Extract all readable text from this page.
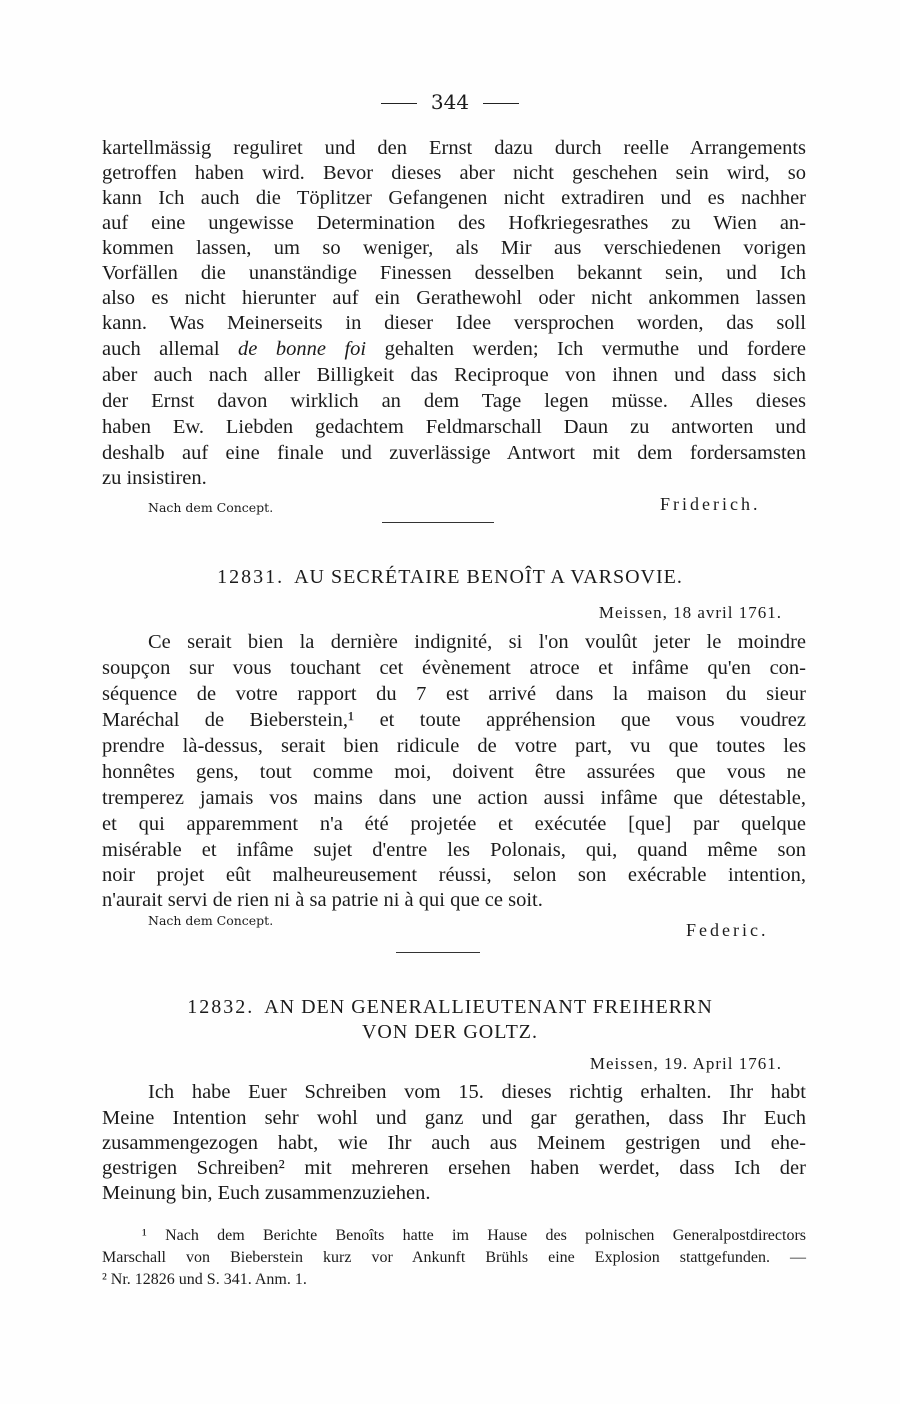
344
kartellmässig reguliret und den Ernst dazu durch reelle Arrangements
getroffen haben wird. Bevor dieses aber nicht geschehen sein wird, so
kann Ich auch die Töplitzer Gefangenen nicht extradiren und es nachher
auf eine ungewisse Determination des Hofkriegesrathes zu Wien an-
kommen lassen, um so weniger, als Mir aus verschiedenen vorigen
Vorfällen die unanständige Finessen desselben bekannt sein, und Ich
also es nicht hierunter auf ein Gerathewohl oder nicht ankommen lassen
kann. Was Meinerseits in dieser Idee versprochen worden, das soll
auch allemal de bonne foi gehalten werden; Ich vermuthe und fordere
aber auch nach aller Billigkeit das Reciproque von ihnen und dass sich
der Ernst davon wirklich an dem Tage legen müsse. Alles dieses
haben Ew. Liebden gedachtem Feldmarschall Daun zu antworten und
deshalb auf eine finale und zuverlässige Antwort mit dem fordersamsten
zu insistiren.
Nach dem Concept.	Friderich.
12831. AU SECRÉTAIRE BENOÎT A VARSOVIE.
Meissen, 18 avril 1761.
Ce serait bien la dernière indignité, si l'on voulût jeter le moindre
soupçon sur vous touchant cet évènement atroce et infâme qu'en con-
séquence de votre rapport du 7 est arrivé dans la maison du sieur
Maréchal de Bieberstein,¹ et toute appréhension que vous voudrez
prendre là-dessus, serait bien ridicule de votre part, vu que toutes les
honnêtes gens, tout comme moi, doivent être assurées que vous ne
tremperez jamais vos mains dans une action aussi infâme que détestable,
et qui apparemment n'a été projetée et exécutée [que] par quelque
misérable et infâme sujet d'entre les Polonais, qui, quand même son
noir projet eût malheureusement réussi, selon son exécrable intention,
n'aurait servi de rien ni à sa patrie ni à qui que ce soit.
Nach dem Concept.	Federic.
12832. AN DEN GENERALLIEUTENANT FREIHERRN
VON DER GOLTZ.
Meissen, 19. April 1761.
Ich habe Euer Schreiben vom 15. dieses richtig erhalten. Ihr habt
Meine Intention sehr wohl und ganz und gar gerathen, dass Ihr Euch
zusammengezogen habt, wie Ihr auch aus Meinem gestrigen und ehe-
gestrigen Schreiben² mit mehreren ersehen haben werdet, dass Ich der
Meinung bin, Euch zusammenzuziehen.
¹ Nach dem Berichte Benoîts hatte im Hause des polnischen Generalpostdirectors
Marschall von Bieberstein kurz vor Ankunft Brühls eine Explosion stattgefunden. —
² Nr. 12826 und S. 341. Anm. 1.
